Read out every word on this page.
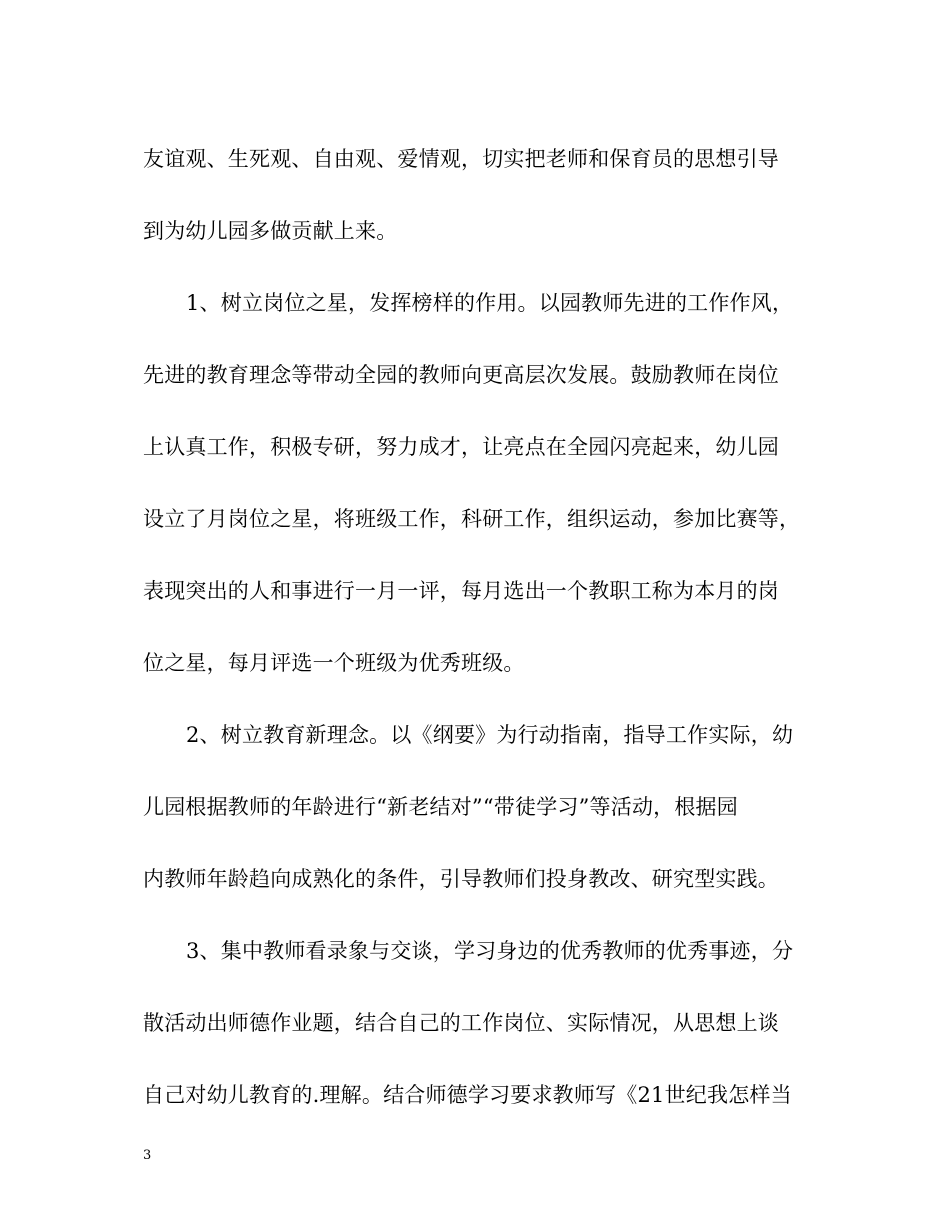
友谊观、生死观、自由观、爱情观，切实把老师和保育员的思想引导
到为幼儿园多做贡献上来。
1、树立岗位之星，发挥榜样的作用。以园教师先进的工作作风，
先进的教育理念等带动全园的教师向更高层次发展。鼓励教师在岗位
上认真工作，积极专研，努力成才，让亮点在全园闪亮起来，幼儿园
设立了月岗位之星，将班级工作，科研工作，组织运动，参加比赛等，
表现突出的人和事进行一月一评，每月选出一个教职工称为本月的岗
位之星，每月评选一个班级为优秀班级。
2、树立教育新理念。以《纲要》为行动指南，指导工作实际，幼
儿园根据教师的年龄进行“新老结对”“带徒学习”等活动，根据园
内教师年龄趋向成熟化的条件，引导教师们投身教改、研究型实践。
3、集中教师看录象与交谈，学习身边的优秀教师的优秀事迹，分
散活动出师德作业题，结合自己的工作岗位、实际情况，从思想上谈
自己对幼儿教育的.理解。结合师德学习要求教师写《21世纪我怎样当
3
